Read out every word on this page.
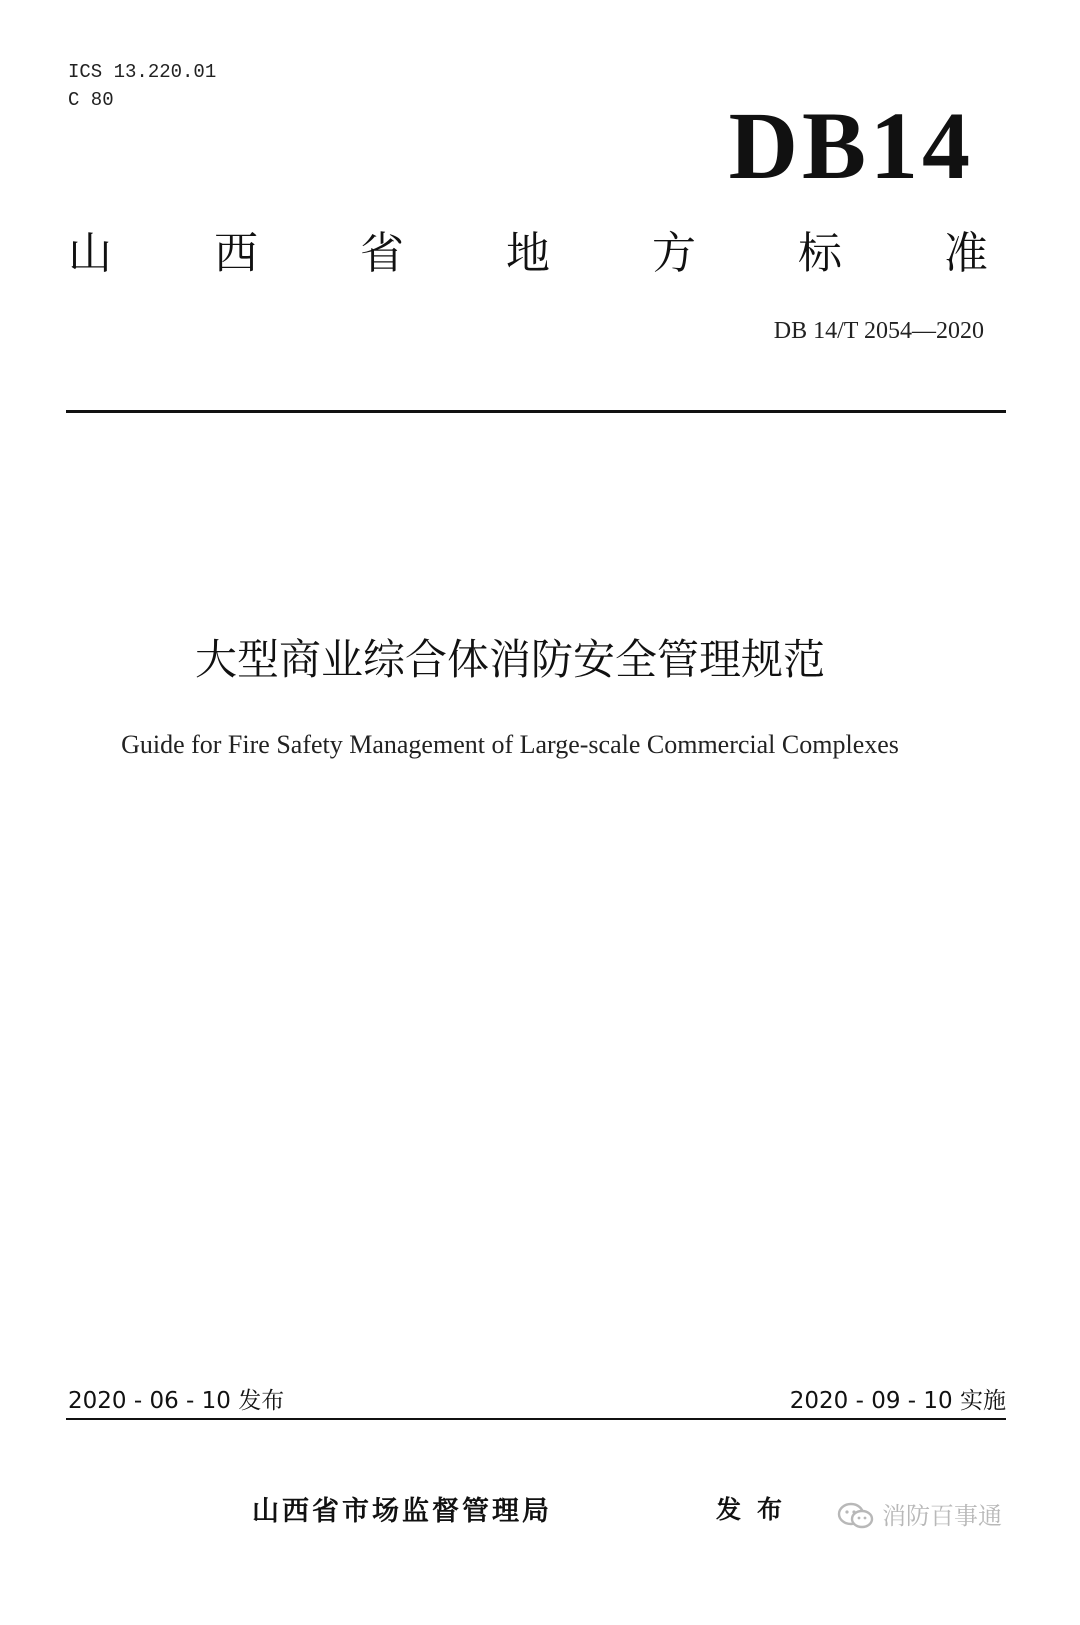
ICS 13.220.01
C 80	DB14
山 西 省 地 方 标 准
DB 14/T 2054—2020
大型商业综合体消防安全管理规范
Guide for Fire Safety Management of Large-scale Commercial Complexes
2020 - 06 - 10 发布	2020 - 09 - 10 实施
山西省市场监督管理局	发布	消防百事通
